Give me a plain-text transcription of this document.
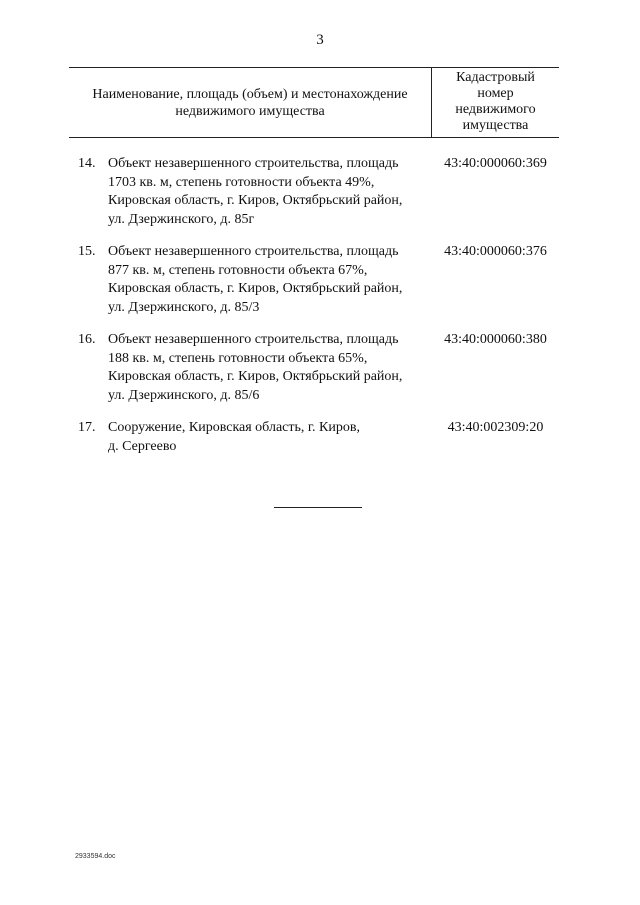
3
Наименование, площадь (объем) и местонахождение
недвижимого имущества
Кадастровый
номер
недвижимого
имущества
14. Объект незавершенного строительства, площадь
1703 кв. м, степень готовности объекта 49%,
Кировская область, г. Киров, Октябрьский район,
ул. Дзержинского, д. 85г
43:40:000060:369
15. Объект незавершенного строительства, площадь
877 кв. м, степень готовности объекта 67%,
Кировская область, г. Киров, Октябрьский район,
ул. Дзержинского, д. 85/3
43:40:000060:376
16. Объект незавершенного строительства, площадь
188 кв. м, степень готовности объекта 65%,
Кировская область, г. Киров, Октябрьский район,
ул. Дзержинского, д. 85/6
43:40:000060:380
17. Сооружение, Кировская область, г. Киров,
д. Сергеево
43:40:002309:20
2933594.doc
